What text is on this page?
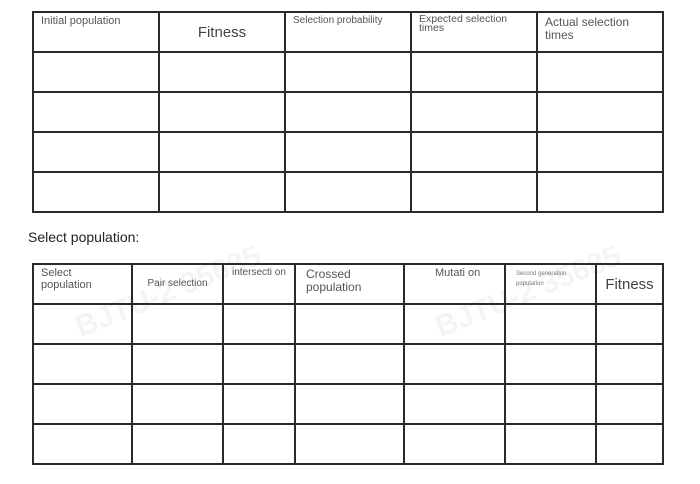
Initial population	Fitness	Selection probability	Expected selection times	Actual selection times

Select population:
Select population	Pair selection	intersecti on	Crossed population	Mutati on	Second generation population	Fitness
